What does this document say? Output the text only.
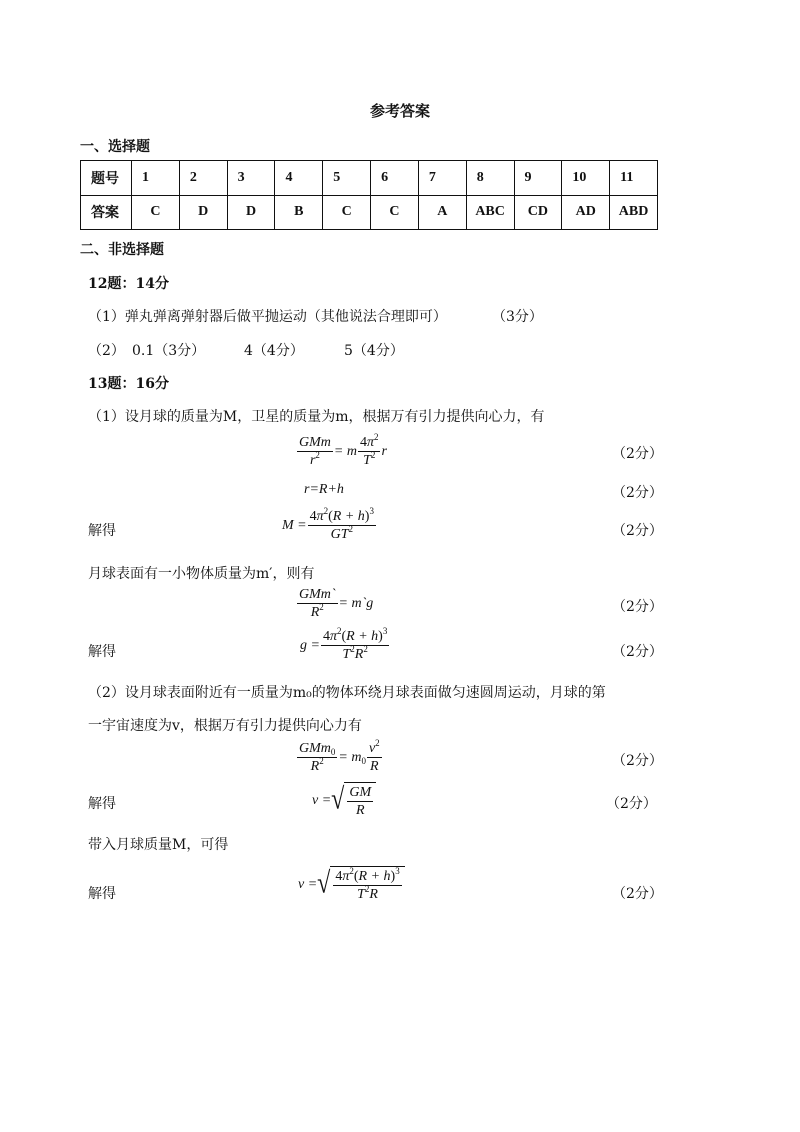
参考答案
一、选择题
题号	1	2	3	4	5	6	7	8	9	10	11
答案	C	D	D	B	C	C	A	ABC	CD	AD	ABD
二、非选择题
12题：14分
（1）弹丸弹离弹射器后做平抛运动（其他说法合理即可）	（3分）
（2） 0.1（3分）	4（4分）	5（4分）
13题：16分
（1）设月球的质量为M，卫星的质量为m，根据万有引力提供向心力，有
$\frac{\text{GMm}}{r^2} = m \frac{4\pi^2}{T^2}$ r	（2分）
r=R+h	（2分）
解得	$M = \frac{4\pi^2(R + h)^3}{GT^2}$	（2分）
月球表面有一小物体质量为m′，则有
$\frac{\text{GMm`}}{R^2}$ = m`g	（2分）
解得	$g = \frac{4\pi^2(R + h)^3}{T^2R^2}$	（2分）
（2）设月球表面附近有一质量为m₀的物体环绕月球表面做匀速圆周运动，月球的第
一宇宙速度为v，根据万有引力提供向心力有
$\frac{GMm_0}{R^2} = m_0 \frac{v^2}{R}$	（2分）
解得	v = √ $\frac{GM}{R}$	（2分）
带入月球质量M，可得
解得
v = √ $\frac{4\pi^2(R + h)^3}{T^2R}$	（2分）
